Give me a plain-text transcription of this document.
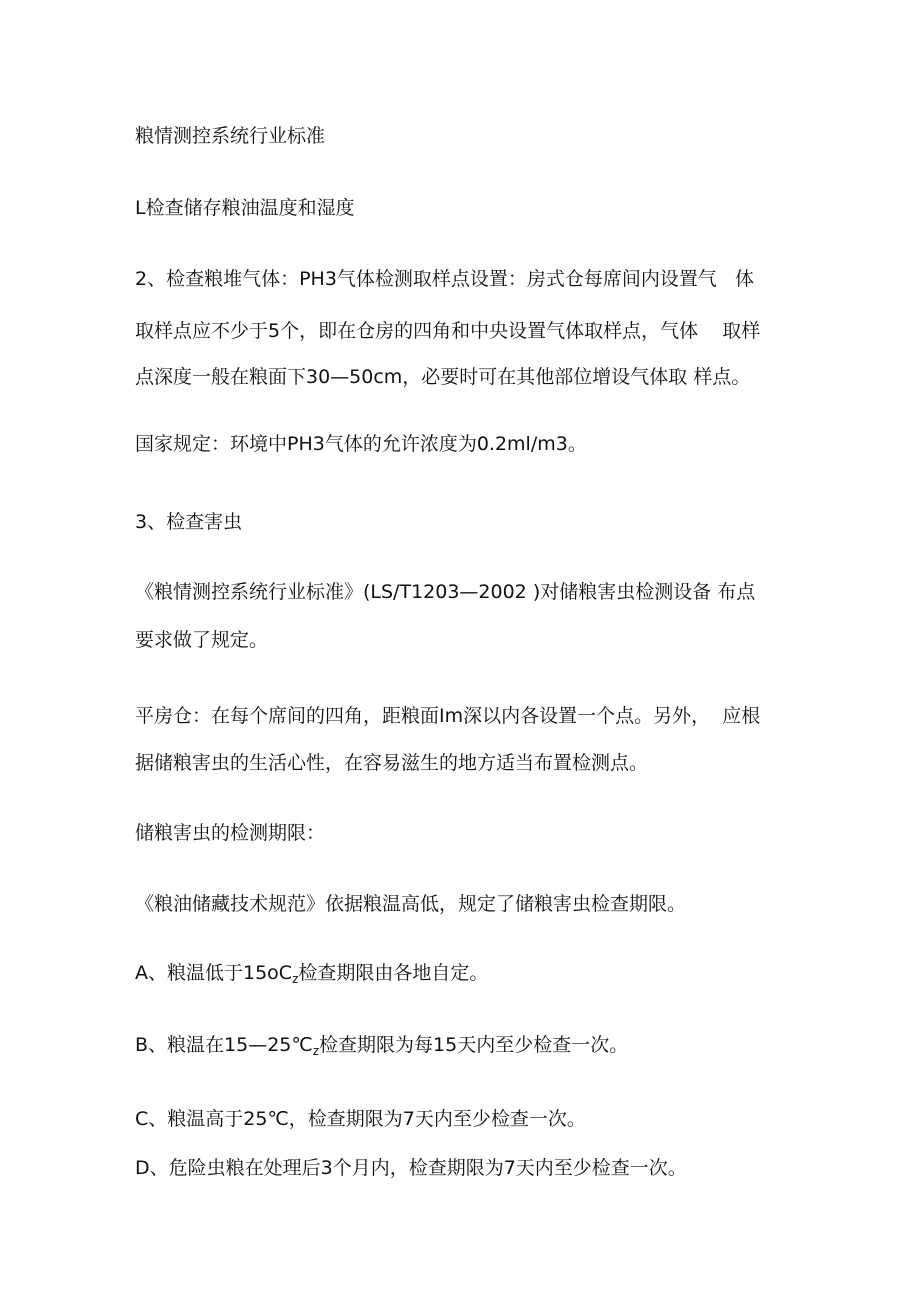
粮情测控系统行业标准

L检查储存粮油温度和湿度

2、检查粮堆气体：PH3气体检测取样点设置：房式仓每席间内设置气   体

取样点应不少于5个，即在仓房的四角和中央设置气体取样点，气体    取样

点深度一般在粮面下30—50cm，必要时可在其他部位增设气体取 样点。

国家规定：环境中PH3气体的允许浓度为0.2ml/m3。

3、检查害虫

《粮情测控系统行业标准》(LS/T1203—2002 )对储粮害虫检测设备 布点

要求做了规定。

平房仓：在每个席间的四角，距粮面Im深以内各设置一个点。另外，  应根

据储粮害虫的生活心性，在容易滋生的地方适当布置检测点。

储粮害虫的检测期限：

《粮油储藏技术规范》依据粮温高低，规定了储粮害虫检查期限。

A、粮温低于$15oC_z$检查期限由各地自定。

B、粮温在$15—25℃_z$检查期限为每15天内至少检查一次。

C、粮温高于25℃，检查期限为7天内至少检查一次。

D、危险虫粮在处理后3个月内，检查期限为7天内至少检查一次。
